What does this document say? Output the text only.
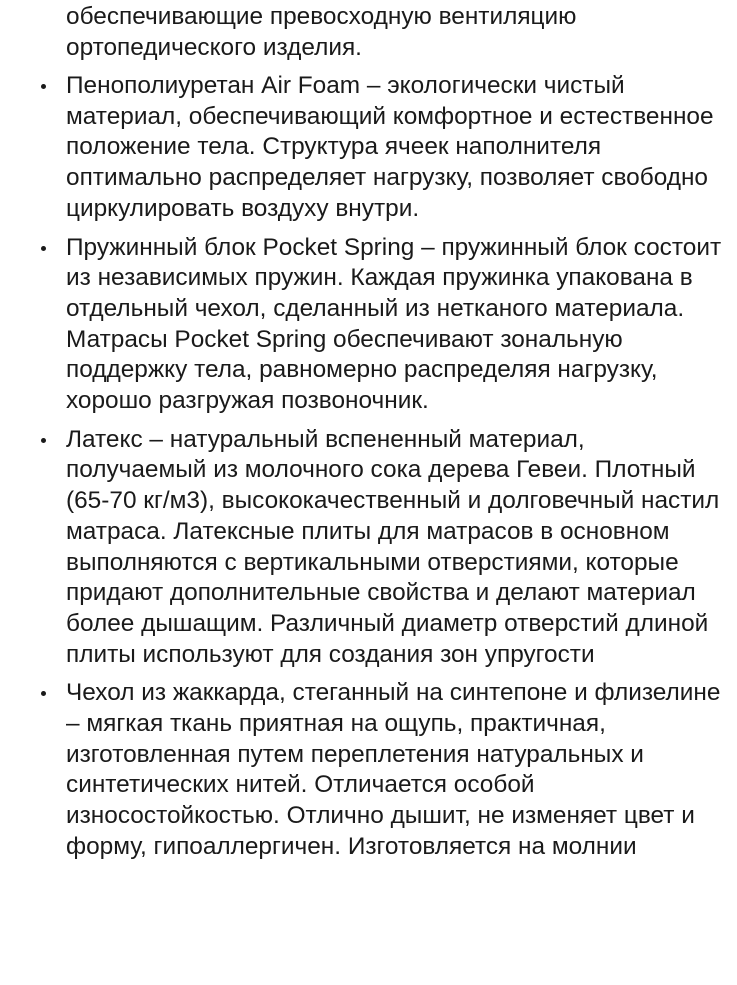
обеспечивающие превосходную вентиляцию ортопедического изделия.

Пенополиуретан Air Foam – экологически чистый материал, обеспечивающий комфортное и естественное положение тела. Структура ячеек наполнителя оптимально распределяет нагрузку, позволяет свободно циркулировать воздуху внутри.
Пружинный блок Pocket Spring – пружинный блок состоит из независимых пружин. Каждая пружинка упакована в отдельный чехол, сделанный из нетканого материала. Матрасы Pocket Spring обеспечивают зональную поддержку тела, равномерно распределяя нагрузку, хорошо разгружая позвоночник.
Латекс – натуральный вспененный материал, получаемый из молочного сока дерева Гевеи. Плотный (65-70 кг/м3), высококачественный и долговечный настил матраса. Латексные плиты для матрасов в основном выполняются с вертикальными отверстиями, которые придают дополнительные свойства и делают материал более дышащим. Различный диаметр отверстий длиной плиты используют для создания зон упругости
Чехол из жаккарда, стеганный на синтепоне и флизелине – мягкая ткань приятная на ощупь, практичная, изготовленная путем переплетения натуральных и синтетических нитей. Отличается особой износостойкостью. Отлично дышит, не изменяет цвет и форму, гипоаллергичен. Изготовляется на молнии
